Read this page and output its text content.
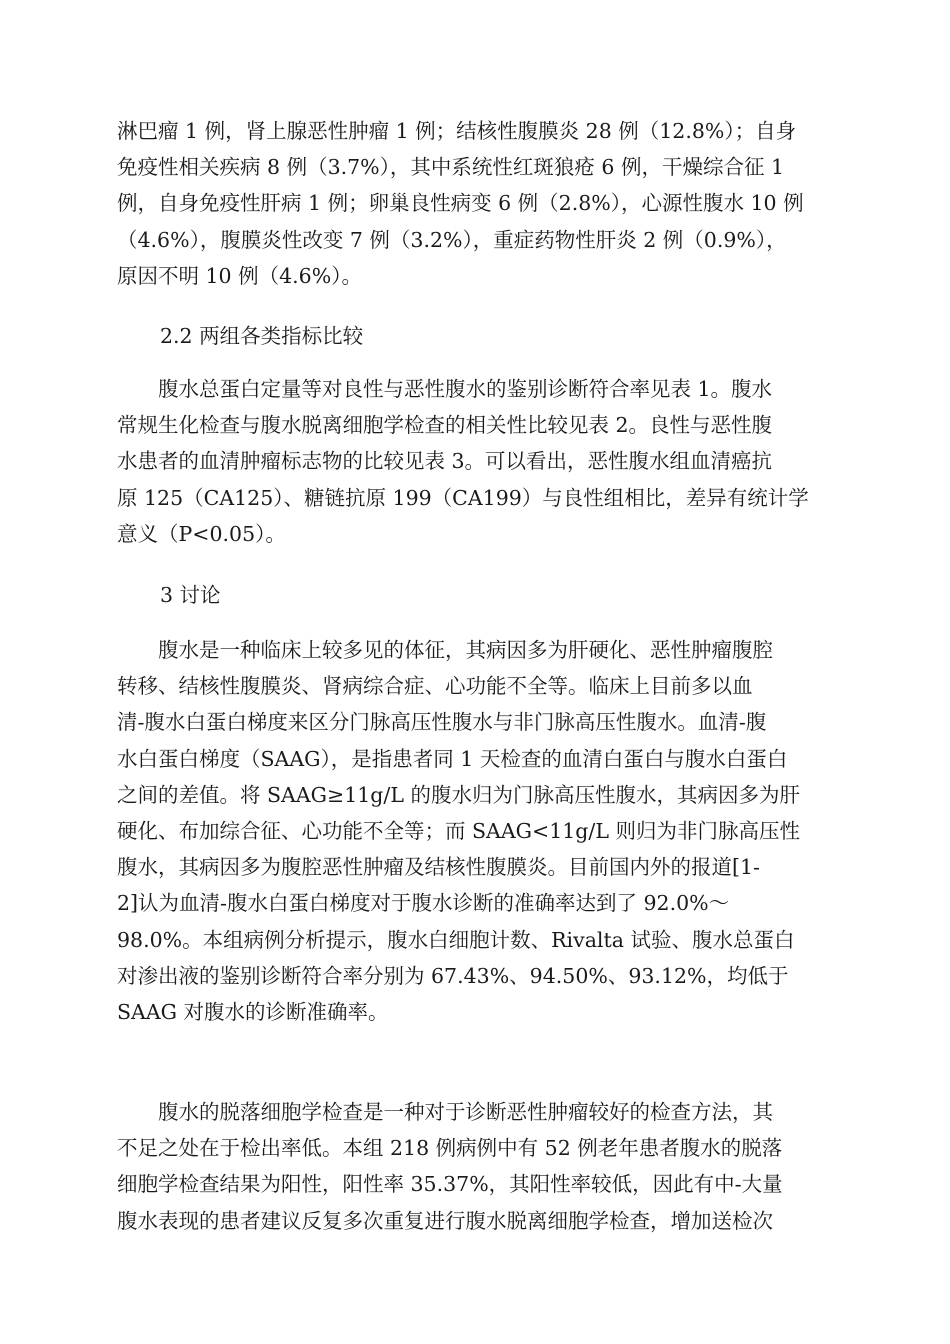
淋巴瘤 1 例，肾上腺恶性肿瘤 1 例；结核性腹膜炎 28 例（12.8%）；自身
免疫性相关疾病 8 例（3.7%），其中系统性红斑狼疮 6 例，干燥综合征 1
例，自身免疫性肝病 1 例；卵巢良性病变 6 例（2.8%），心源性腹水 10 例
（4.6%），腹膜炎性改变 7 例（3.2%），重症药物性肝炎 2 例（0.9%），
原因不明 10 例（4.6%）。
2.2 两组各类指标比较
　　腹水总蛋白定量等对良性与恶性腹水的鉴别诊断符合率见表 1。腹水
常规生化检查与腹水脱离细胞学检查的相关性比较见表 2。良性与恶性腹
水患者的血清肿瘤标志物的比较见表 3。可以看出，恶性腹水组血清癌抗
原 125（CA125）、糖链抗原 199（CA199）与良性组相比，差异有统计学
意义（P<0.05）。
3 讨论
　　腹水是一种临床上较多见的体征，其病因多为肝硬化、恶性肿瘤腹腔
转移、结核性腹膜炎、肾病综合症、心功能不全等。临床上目前多以血
清-腹水白蛋白梯度来区分门脉高压性腹水与非门脉高压性腹水。血清-腹
水白蛋白梯度（SAAG），是指患者同 1 天检查的血清白蛋白与腹水白蛋白
之间的差值。将 SAAG≥11g/L 的腹水归为门脉高压性腹水，其病因多为肝
硬化、布加综合征、心功能不全等；而 SAAG<11g/L 则归为非门脉高压性
腹水，其病因多为腹腔恶性肿瘤及结核性腹膜炎。目前国内外的报道[1-
2]认为血清-腹水白蛋白梯度对于腹水诊断的准确率达到了 92.0%～
98.0%。本组病例分析提示，腹水白细胞计数、Rivalta 试验、腹水总蛋白
对渗出液的鉴别诊断符合率分别为 67.43%、94.50%、93.12%，均低于
SAAG 对腹水的诊断准确率。
　　腹水的脱落细胞学检查是一种对于诊断恶性肿瘤较好的检查方法，其
不足之处在于检出率低。本组 218 例病例中有 52 例老年患者腹水的脱落
细胞学检查结果为阳性，阳性率 35.37%，其阳性率较低，因此有中-大量
腹水表现的患者建议反复多次重复进行腹水脱离细胞学检查，增加送检次
